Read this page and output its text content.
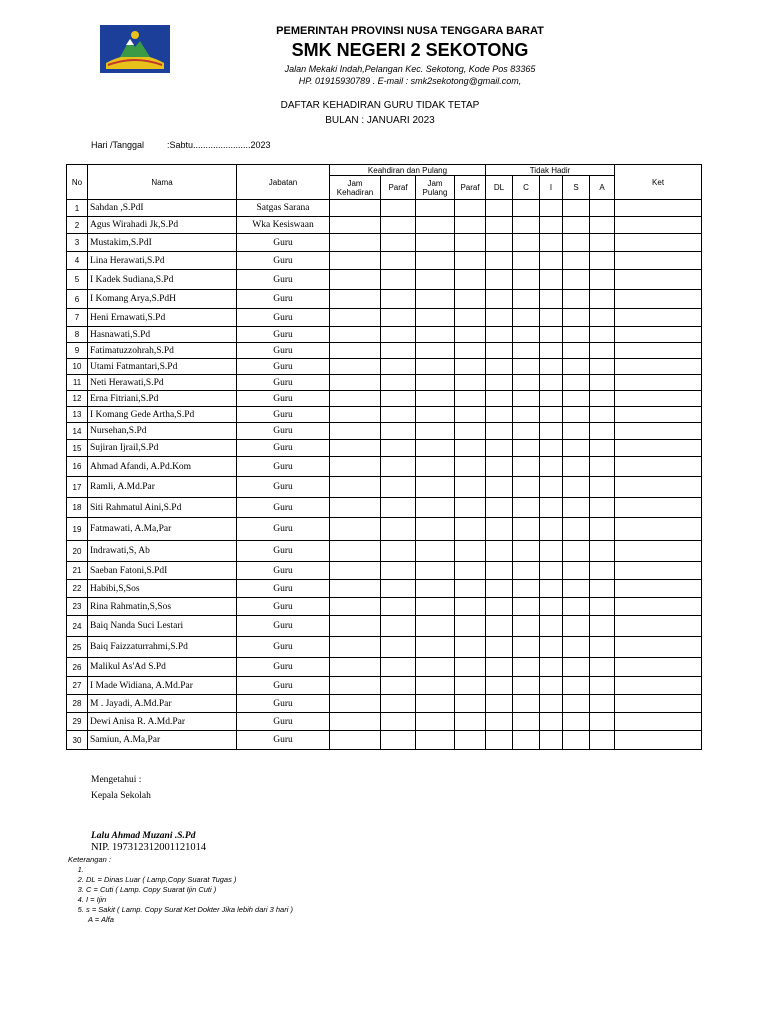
PEMERINTAH PROVINSI NUSA TENGGARA BARAT
SMK NEGERI 2 SEKOTONG
Jalan Mekaki Indah,Pelangan Kec. Sekotong, Kode Pos 83365
HP. 01915930789 . E-mail : smk2sekotong@gmail.com,
DAFTAR KEHADIRAN GURU TIDAK TETAP
BULAN : JANUARI 2023
Hari /Tanggal	:Sabtu.......................2023
No	Nama	Jabatan	Keahdiran dan Pulang				Tidak Hadir					Ket
			Jam Kehadiran	Paraf	Jam Pulang	Paraf	DL	C	I	S	A	
1	Sahdan ,S.PdI	Satgas Sarana										
2	Agus Wirahadi Jk,S.Pd	Wka Kesiswaan										
3	Mustakim,S.PdI	Guru										
4	Lina Herawati,S.Pd	Guru										
5	I Kadek Sudiana,S.Pd	Guru										
6	I Komang Arya,S.PdH	Guru										
7	Heni Ernawati,S.Pd	Guru										
8	Hasnawati,S.Pd	Guru										
9	Fatimatuzzohrah,S.Pd	Guru										
10	Utami Fatmantari,S.Pd	Guru										
11	Neti Herawati,S.Pd	Guru										
12	Erna Fitriani,S.Pd	Guru										
13	I Komang Gede Artha,S.Pd	Guru										
14	Nursehan,S.Pd	Guru										
15	Sujiran Ijrail,S.Pd	Guru										
16	Ahmad Afandi, A.Pd.Kom	Guru										
17	Ramli, A.Md.Par	Guru										
18	Siti Rahmatul Aini,S.Pd	Guru										
19	Fatmawati, A.Ma,Par	Guru										
20	Indrawati,S, Ab	Guru										
21	Saeban Fatoni,S.PdI	Guru										
22	Habibi,S,Sos	Guru										
23	Rina Rahmatin,S,Sos	Guru										
24	Baiq Nanda Suci Lestari	Guru										
25	Baiq Faizzaturrahmi,S.Pd	Guru										
26	Malikul As'Ad S.Pd	Guru										
27	I Made Widiana, A.Md.Par	Guru										
28	M . Jayadi, A.Md.Par	Guru										
29	Dewi Anisa R. A.Md.Par	Guru										
30	Samiun, A.Ma,Par	Guru										
Mengetahui :
Kepala Sekolah
Lalu Ahmad Muzani .S.Pd
NIP. 197312312001121014
Keterangan :
1.
2. DL = Dinas Luar ( Lamp,Copy Suarat Tugas )
3. C = Cuti ( Lamp. Copy Suarat Ijin Cuti )
4. I = Ijin
5. s = Sakit ( Lamp. Copy Surat Ket Dokter Jika lebih dari 3 hari )
A = Alfa
